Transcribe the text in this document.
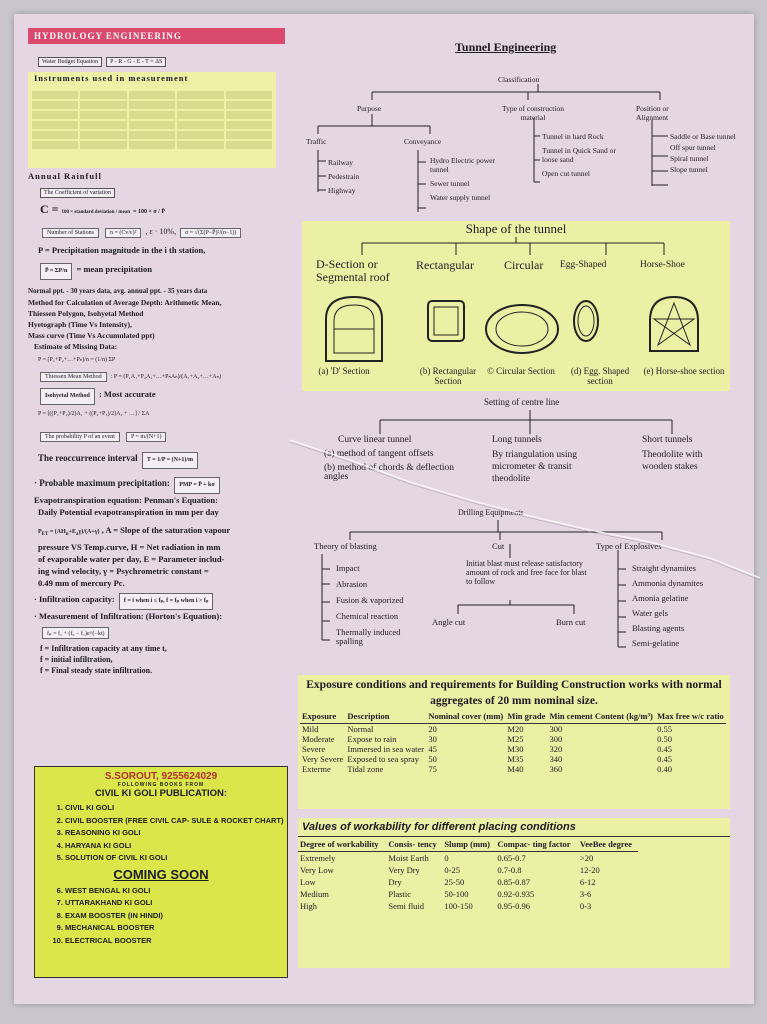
HYDROLOGY ENGINEERING
Water Budget Equation P - R - G - E - T = ΔS
Instruments used in measurement
Annual Rainfull
The Coefficient of variation
C = 100 × standard deviation / mean = 100 × σ / P̄
Number of Stations	n = (Cv/ε)² , ε · 10%, σ = √(Σ(P−P̄)²/(n−1))
P = Precipitation magnitude in the i th station,
P̄ = ΣP/n = mean precipitation
Normal ppt. - 30 years data, avg. annual ppt. - 35 years data
Method for Calculation of Average Depth: Arithmetic Mean,
Thiessen Polygon, Isohyetal Method
Hyetograph (Time Vs Intensity),
Mass curve (Time Vs Accumulated ppt)
Estimate of Missing Data:
P = (P₁+P₂+…+Pₙ)/n = (1/n) ΣP
Thiessen Mean Method : P = (P₁A₁+P₂A₂+…+PₙAₙ)/(A₁+A₂+…+Aₙ)
Isohyetal Method : Most accurate
P = [((P₁+P₂)/2)A₁ + ((P₂+P₃)/2)A₂ + …] / ΣA
The probability P of an event	P = m/(N+1)
The reoccurrence interval T = 1/P = (N+1)/m
· Probable maximum precipitation: PMP = P̄ + kσ
Evapotranspiration equation: Penman's Equation:
Daily Potential evapotranspiration in mm per day
$P_{ET} = (AH_n+E_a\gamma)/(A+\gamma)$ , A = Slope of the saturation vapour
pressure VS Temp.curve, H = Net radiation in mm
of evaporable water per day, E = Parameter includ-
ing wind velocity, γ = Psychrometric constant =
0.49 mm of mercury Pc.
· Infiltration capacity: f = i when i ≤ fₚ, f = fₚ when i > fₚ
· Measurement of Infiltration: (Horton's Equation):
fₚ = f꜀ + (f₀ − f꜀)e^(−kt)
f = Infiltration capacity at any time t,
f = initial infiltration,
f = Final steady state infiltration.
S.SOROUT, 9255624029
FOLLOWING BOOKS FROM
CIVIL KI GOLI PUBLICATION:
1. CIVIL KI GOLI
2. CIVIL BOOSTER (FREE CIVIL CAP- SULE & ROCKET CHART)
3. REASONING KI GOLI
4. HARYANA KI GOLI
5. SOLUTION OF CIVIL KI GOLI
COMING SOON
6. WEST BENGAL KI GOLI
7. UTTARAKHAND KI GOLI
8. EXAM BOOSTER (IN HINDI)
9. MECHANICAL BOOSTER
10. ELECTRICAL BOOSTER
Tunnel Engineering
Classification
Purpose	Type of construction material
Position or Alignment
Traffic	Conveyance
Railway
Pedestrain
Highway
Hydro Electric power tunnel
Sewer tunnel
Water supply tunnel
Tunnel in hard Rock
Tunnel in Quick Sand or loose sand
Open cut tunnel
Saddle or Base tunnel
Off spur tunnel
Spiral tunnel
Slope tunnel
Shape of the tunnel
D-Section or Segmental roof
Rectangular	Circular Egg-Shaped	Horse-Shoe
(a) 'D' Section	(b) Rectangular Section
© Circular Section	(d) Egg. Shaped section
(e) Horse-shoe section
Setting of centre line
Curve linear tunnel
(a) method of tangent offsets
(b) method of chords & deflection angles
Long tunnels
By triangulation using micrometer & transit theodolite
Short tunnels
Theodolite with wooden stakes
Drilling Equipments
Theory of blasting	Cut	Type of Explosives
Impact
Abrasion
Fusion & vaporized
Chemical reaction
Thermally induced spalling
Initiat blast must release satisfactory amount of rock and free face for blast to follow
Angle cut	Burn cut
Straight dynamites
Ammonia dynamites
Amonia gelatine
Water gels
Blasting agents
Semi-gelatine
Exposure conditions and requirements for Building Construction works with normal aggregates of 20 mm nominal size.
Exposure	Description	Nominal cover (mm)	Min grade	Min cement Content (kg/m³)	Max free w/c ratio
Mild	Normal	20	M20	300	0.55
Moderate	Expose to rain	30	M25	300	0.50
Severe	Immersed in sea water	45	M30	320	0.45
Very Severe	Exposed to sea spray	50	M35	340	0.45
Exterme	Tidal zone	75	M40	360	0.40
Values of workability for different placing conditions
Degree of workability	Consis- tency	Slump (mm)	Compac- ting factor	VeeBee degree
Extremely	Moist Earth	0	0.65-0.7	>20
Very Low	Very Dry	0-25	0.7-0.8	12-20
Low	Dry	25-50	0.85-0.87	6-12
Medium	Plastic	50-100	0.92-0.935	3-6
High	Semi fluid	100-150	0.95-0.96	0-3
